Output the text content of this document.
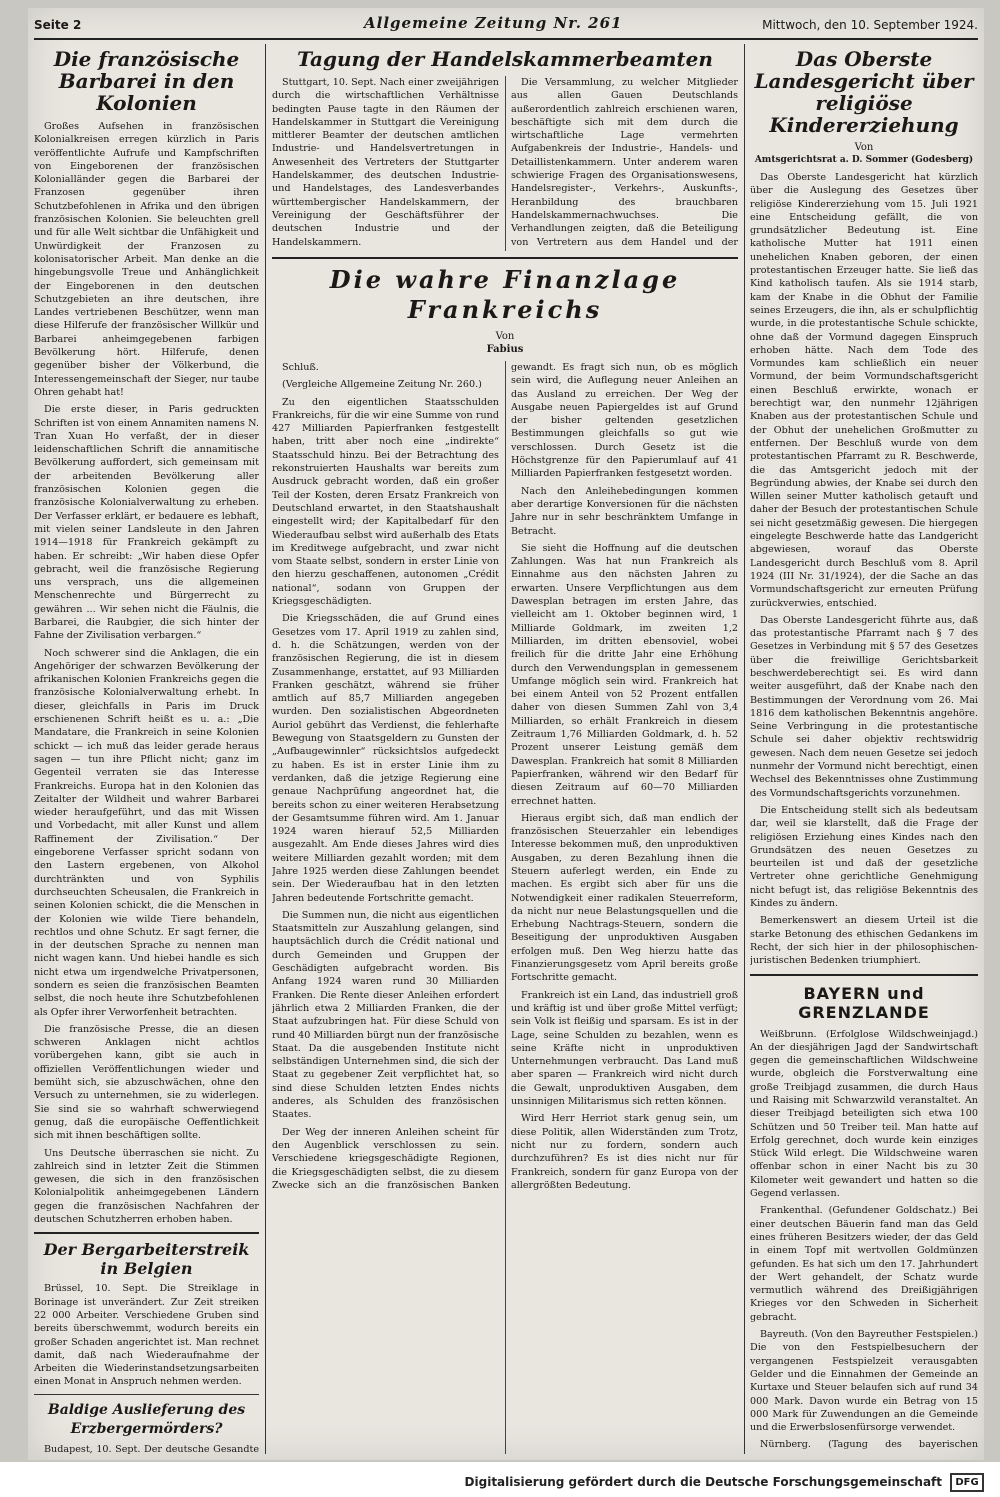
Seite 2	Allgemeine Zeitung Nr. 261	Mittwoch, den 10. September 1924.
Die französische Barbarei in den Kolonien

Großes Aufsehen in französischen Kolonialkreisen erregen kürzlich in Paris veröffentlichte Aufrufe und Kampfschriften von Eingeborenen der französischen Kolonialländer gegen die Barbarei der Franzosen gegenüber ihren Schutzbefohlenen in Afrika und den übrigen französischen Kolonien. Sie beleuchten grell und für alle Welt sichtbar die Unfähigkeit und Unwürdigkeit der Franzosen zu kolonisatorischer Arbeit. Man denke an die hingebungsvolle Treue und Anhänglichkeit der Eingeborenen in den deutschen Schutzgebieten an ihre deutschen, ihre Landes vertriebenen Beschützer, wenn man diese Hilferufe der französischer Willkür und Barbarei anheimgegebenen farbigen Bevölkerung hört. Hilferufe, denen gegenüber bisher der Völkerbund, die Interessengemeinschaft der Sieger, nur taube Ohren gehabt hat!

Die erste dieser, in Paris gedruckten Schriften ist von einem Annamiten namens N. Tran Xuan Ho verfaßt, der in dieser leidenschaftlichen Schrift die annamitische Bevölkerung auffordert, sich gemeinsam mit der arbeitenden Bevölkerung aller französischen Kolonien gegen die französische Kolonialverwaltung zu erheben. Der Verfasser erklärt, er bedauere es lebhaft, mit vielen seiner Landsleute in den Jahren 1914—1918 für Frankreich gekämpft zu haben. Er schreibt: „Wir haben diese Opfer gebracht, weil die französische Regierung uns versprach, uns die allgemeinen Menschenrechte und Bürgerrecht zu gewähren ... Wir sehen nicht die Fäulnis, die Barbarei, die Raubgier, die sich hinter der Fahne der Zivilisation verbargen.“

Noch schwerer sind die Anklagen, die ein Angehöriger der schwarzen Bevölkerung der afrikanischen Kolonien Frankreichs gegen die französische Kolonialverwaltung erhebt. In dieser, gleichfalls in Paris im Druck erschienenen Schrift heißt es u. a.: „Die Mandatare, die Frankreich in seine Kolonien schickt — ich muß das leider gerade heraus sagen — tun ihre Pflicht nicht; ganz im Gegenteil verraten sie das Interesse Frankreichs. Europa hat in den Kolonien das Zeitalter der Wildheit und wahrer Barbarei wieder heraufgeführt, und das mit Wissen und Vorbedacht, mit aller Kunst und allem Raffinement der Zivilisation.“ Der eingeborene Verfasser spricht sodann von den Lastern ergebenen, von Alkohol durchtränkten und von Syphilis durchseuchten Scheusalen, die Frankreich in seinen Kolonien schickt, die die Menschen in der Kolonien wie wilde Tiere behandeln, rechtlos und ohne Schutz. Er sagt ferner, die in der deutschen Sprache zu nennen man nicht wagen kann. Und hiebei handle es sich nicht etwa um irgendwelche Privatpersonen, sondern es seien die französischen Beamten selbst, die noch heute ihre Schutzbefohlenen als Opfer ihrer Verworfenheit betrachten.

Die französische Presse, die an diesen schweren Anklagen nicht achtlos vorübergehen kann, gibt sie auch in offiziellen Veröffentlichungen wieder und bemüht sich, sie abzuschwächen, ohne den Versuch zu unternehmen, sie zu widerlegen. Sie sind sie so wahrhaft schwerwiegend genug, daß die europäische Oeffentlichkeit sich mit ihnen beschäftigen sollte.

Uns Deutsche überraschen sie nicht. Zu zahlreich sind in letzter Zeit die Stimmen gewesen, die sich in den französischen Kolonialpolitik anheimgegebenen Ländern gegen die französischen Nachfahren der deutschen Schutzherren erhoben haben.

Der Bergarbeiterstreik in Belgien

Brüssel, 10. Sept. Die Streiklage in Borinage ist unverändert. Zur Zeit streiken 22 000 Arbeiter. Verschiedene Gruben sind bereits überschwemmt, wodurch bereits ein großer Schaden angerichtet ist. Man rechnet damit, daß nach Wiederaufnahme der Arbeiten die Wiederinstandsetzungsarbeiten einen Monat in Anspruch nehmen werden.

Baldige Auslieferung des Erzbergermörders?

Budapest, 10. Sept. Der deutsche Gesandte

Tagung der Handelskammerbeamten

Stuttgart, 10. Sept. Nach einer zweijährigen durch die wirtschaftlichen Verhältnisse bedingten Pause tagte in den Räumen der Handelskammer in Stuttgart die Vereinigung mittlerer Beamter der deutschen amtlichen Industrie- und Handelsvertretungen in Anwesenheit des Vertreters der Stuttgarter Handelskammer, des deutschen Industrie- und Handelstages, des Landesverbandes württembergischer Handelskammern, der Vereinigung der Geschäftsführer der deutschen Industrie und der Handelskammern.

Die Versammlung, zu welcher Mitglieder aus allen Gauen Deutschlands außerordentlich zahlreich erschienen waren, beschäftigte sich mit dem durch die wirtschaftliche Lage vermehrten Aufgabenkreis der Industrie-, Handels- und Detaillistenkammern. Unter anderem waren schwierige Fragen des Organisationswesens, Handelsregister-, Verkehrs-, Auskunfts-, Heranbildung des brauchbaren Handelskammernachwuchses. Die Verhandlungen zeigten, daß die Beteiligung von Vertretern aus dem Handel und der

Die wahre Finanzlage Frankreichs
Von
Fabius

Schluß.

(Vergleiche Allgemeine Zeitung Nr. 260.)

Zu den eigentlichen Staatsschulden Frankreichs, für die wir eine Summe von rund 427 Milliarden Papierfranken festgestellt haben, tritt aber noch eine „indirekte“ Staatsschuld hinzu. Bei der Betrachtung des rekonstruierten Haushalts war bereits zum Ausdruck gebracht worden, daß ein großer Teil der Kosten, deren Ersatz Frankreich von Deutschland erwartet, in den Staatshaushalt eingestellt wird; der Kapitalbedarf für den Wiederaufbau selbst wird außerhalb des Etats im Kreditwege aufgebracht, und zwar nicht vom Staate selbst, sondern in erster Linie von den hierzu geschaffenen, autonomen „Crédit national“, sodann von Gruppen der Kriegsgeschädigten.

Die Kriegsschäden, die auf Grund eines Gesetzes vom 17. April 1919 zu zahlen sind, d. h. die Schätzungen, werden von der französischen Regierung, die ist in diesem Zusammenhange, erstattet, auf 93 Milliarden Franken geschätzt, während sie früher amtlich auf 85,7 Milliarden angegeben wurden. Den sozialistischen Abgeordneten Auriol gebührt das Verdienst, die fehlerhafte Bewegung von Staatsgeldern zu Gunsten der „Aufbaugewinnler“ rücksichtslos aufgedeckt zu haben. Es ist in erster Linie ihm zu verdanken, daß die jetzige Regierung eine genaue Nachprüfung angeordnet hat, die bereits schon zu einer weiteren Herabsetzung der Gesamtsumme führen wird. Am 1. Januar 1924 waren hierauf 52,5 Milliarden ausgezahlt. Am Ende dieses Jahres wird dies weitere Milliarden gezahlt worden; mit dem Jahre 1925 werden diese Zahlungen beendet sein. Der Wiederaufbau hat in den letzten Jahren bedeutende Fortschritte gemacht.

Die Summen nun, die nicht aus eigentlichen Staatsmitteln zur Auszahlung gelangen, sind hauptsächlich durch die Crédit national und durch Gemeinden und Gruppen der Geschädigten aufgebracht worden. Bis Anfang 1924 waren rund 30 Milliarden Franken. Die Rente dieser Anleihen erfordert jährlich etwa 2 Milliarden Franken, die der Staat aufzubringen hat. Für diese Schuld von rund 40 Milliarden bürgt nun der französische Staat. Da die ausgebenden Institute nicht selbständigen Unternehmen sind, die sich der Staat zu gegebener Zeit verpflichtet hat, so sind diese Schulden letzten Endes nichts anderes, als Schulden des französischen Staates.

Der Weg der inneren Anleihen scheint für den Augenblick verschlossen zu sein. Verschiedene kriegsgeschädigte Regionen, die Kriegsgeschädigten selbst, die zu diesem Zwecke sich an die französischen Banken gewandt. Es fragt sich nun, ob es möglich sein wird, die Auflegung neuer Anleihen an das Ausland zu erreichen. Der Weg der Ausgabe neuen Papiergeldes ist auf Grund der bisher geltenden gesetzlichen Bestimmungen gleichfalls so gut wie verschlossen. Durch Gesetz ist die Höchstgrenze für den Papierumlauf auf 41 Milliarden Papierfranken festgesetzt worden.

Nach den Anleihebedingungen kommen aber derartige Konversionen für die nächsten Jahre nur in sehr beschränktem Umfange in Betracht.

Sie sieht die Hoffnung auf die deutschen Zahlungen. Was hat nun Frankreich als Einnahme aus den nächsten Jahren zu erwarten. Unsere Verpflichtungen aus dem Dawesplan betragen im ersten Jahre, das vielleicht am 1. Oktober beginnen wird, 1 Milliarde Goldmark, im zweiten 1,2 Milliarden, im dritten ebensoviel, wobei freilich für die dritte Jahr eine Erhöhung durch den Verwendungsplan in gemessenem Umfange möglich sein wird. Frankreich hat bei einem Anteil von 52 Prozent entfallen daher von diesen Summen Zahl von 3,4 Milliarden, so erhält Frankreich in diesem Zeitraum 1,76 Milliarden Goldmark, d. h. 52 Prozent unserer Leistung gemäß dem Dawesplan. Frankreich hat somit 8 Milliarden Papierfranken, während wir den Bedarf für diesen Zeitraum auf 60—70 Milliarden errechnet hatten.

Hieraus ergibt sich, daß man endlich der französischen Steuerzahler ein lebendiges Interesse bekommen muß, den unproduktiven Ausgaben, zu deren Bezahlung ihnen die Steuern auferlegt werden, ein Ende zu machen. Es ergibt sich aber für uns die Notwendigkeit einer radikalen Steuerreform, da nicht nur neue Belastungsquellen und die Erhebung Nachtrags-Steuern, sondern die Beseitigung der unproduktiven Ausgaben erfolgen muß. Den Weg hierzu hatte das Finanzierungsgesetz vom April bereits große Fortschritte gemacht.

Frankreich ist ein Land, das industriell groß und kräftig ist und über große Mittel verfügt; sein Volk ist fleißig und sparsam. Es ist in der Lage, seine Schulden zu bezahlen, wenn es seine Kräfte nicht in unproduktiven Unternehmungen verbraucht. Das Land muß aber sparen — Frankreich wird nicht durch die Gewalt, unproduktiven Ausgaben, dem unsinnigen Militarismus sich retten können.

Wird Herr Herriot stark genug sein, um diese Politik, allen Widerständen zum Trotz, nicht nur zu fordern, sondern auch durchzuführen? Es ist dies nicht nur für Frankreich, sondern für ganz Europa von der allergrößten Bedeutung.

Das Oberste Landesgericht über religiöse Kindererziehung
Von
Amtsgerichtsrat a. D. Sommer (Godesberg)

Das Oberste Landesgericht hat kürzlich über die Auslegung des Gesetzes über religiöse Kindererziehung vom 15. Juli 1921 eine Entscheidung gefällt, die von grundsätzlicher Bedeutung ist. Eine katholische Mutter hat 1911 einen unehelichen Knaben geboren, der einen protestantischen Erzeuger hatte. Sie ließ das Kind katholisch taufen. Als sie 1914 starb, kam der Knabe in die Obhut der Familie seines Erzeugers, die ihn, als er schulpflichtig wurde, in die protestantische Schule schickte, ohne daß der Vormund dagegen Einspruch erhoben hätte. Nach dem Tode des Vormundes kam schließlich ein neuer Vormund, der beim Vormundschaftsgericht einen Beschluß erwirkte, wonach er berechtigt war, den nunmehr 12jährigen Knaben aus der protestantischen Schule und der Obhut der unehelichen Großmutter zu entfernen. Der Beschluß wurde von dem protestantischen Pfarramt zu R. Beschwerde, die das Amtsgericht jedoch mit der Begründung abwies, der Knabe sei durch den Willen seiner Mutter katholisch getauft und daher der Besuch der protestantischen Schule sei nicht gesetzmäßig gewesen. Die hiergegen eingelegte Beschwerde hatte das Landgericht abgewiesen, worauf das Oberste Landesgericht durch Beschluß vom 8. April 1924 (III Nr. 31/1924), der die Sache an das Vormundschaftsgericht zur erneuten Prüfung zurückverwies, entschied.

Das Oberste Landesgericht führte aus, daß das protestantische Pfarramt nach § 7 des Gesetzes in Verbindung mit § 57 des Gesetzes über die freiwillige Gerichtsbarkeit beschwerdeberechtigt sei. Es wird dann weiter ausgeführt, daß der Knabe nach den Bestimmungen der Verordnung vom 26. Mai 1816 dem katholischen Bekenntnis angehöre. Seine Verbringung in die protestantische Schule sei daher objektiv rechtswidrig gewesen. Nach dem neuen Gesetze sei jedoch nunmehr der Vormund nicht berechtigt, einen Wechsel des Bekenntnisses ohne Zustimmung des Vormundschaftsgerichts vorzunehmen.

Die Entscheidung stellt sich als bedeutsam dar, weil sie klarstellt, daß die Frage der religiösen Erziehung eines Kindes nach den Grundsätzen des neuen Gesetzes zu beurteilen ist und daß der gesetzliche Vertreter ohne gerichtliche Genehmigung nicht befugt ist, das religiöse Bekenntnis des Kindes zu ändern.

Bemerkenswert an diesem Urteil ist die starke Betonung des ethischen Gedankens im Recht, der sich hier in der philosophischen-juristischen Bedenken triumphiert.

BAYERN und GRENZLANDE

Weißbrunn. (Erfolglose Wildschweinjagd.) An der diesjährigen Jagd der Sandwirtschaft gegen die gemeinschaftlichen Wildschweine wurde, obgleich die Forstverwaltung eine große Treibjagd zusammen, die durch Haus und Raising mit Schwarzwild veranstaltet. An dieser Treibjagd beteiligten sich etwa 100 Schützen und 50 Treiber teil. Man hatte auf Erfolg gerechnet, doch wurde kein einziges Stück Wild erlegt. Die Wildschweine waren offenbar schon in einer Nacht bis zu 30 Kilometer weit gewandert und hatten so die Gegend verlassen.

Frankenthal. (Gefundener Goldschatz.) Bei einer deutschen Bäuerin fand man das Geld eines früheren Besitzers wieder, der das Geld in einem Topf mit wertvollen Goldmünzen gefunden. Es hat sich um den 17. Jahrhundert der Wert gehandelt, der Schatz wurde vermutlich während des Dreißigjährigen Krieges vor den Schweden in Sicherheit gebracht.

Bayreuth. (Von den Bayreuther Festspielen.) Die von den Festspielbesuchern der vergangenen Festspielzeit verausgabten Gelder und die Einnahmen der Gemeinde an Kurtaxe und Steuer belaufen sich auf rund 34 000 Mark. Davon wurde ein Betrag von 15 000 Mark für Zuwendungen an die Gemeinde und die Erwerbslosenfürsorge verwendet.

Nürnberg. (Tagung des bayerischen

Digitalisierung gefördert durch die Deutsche Forschungsgemeinschaft	DFG
